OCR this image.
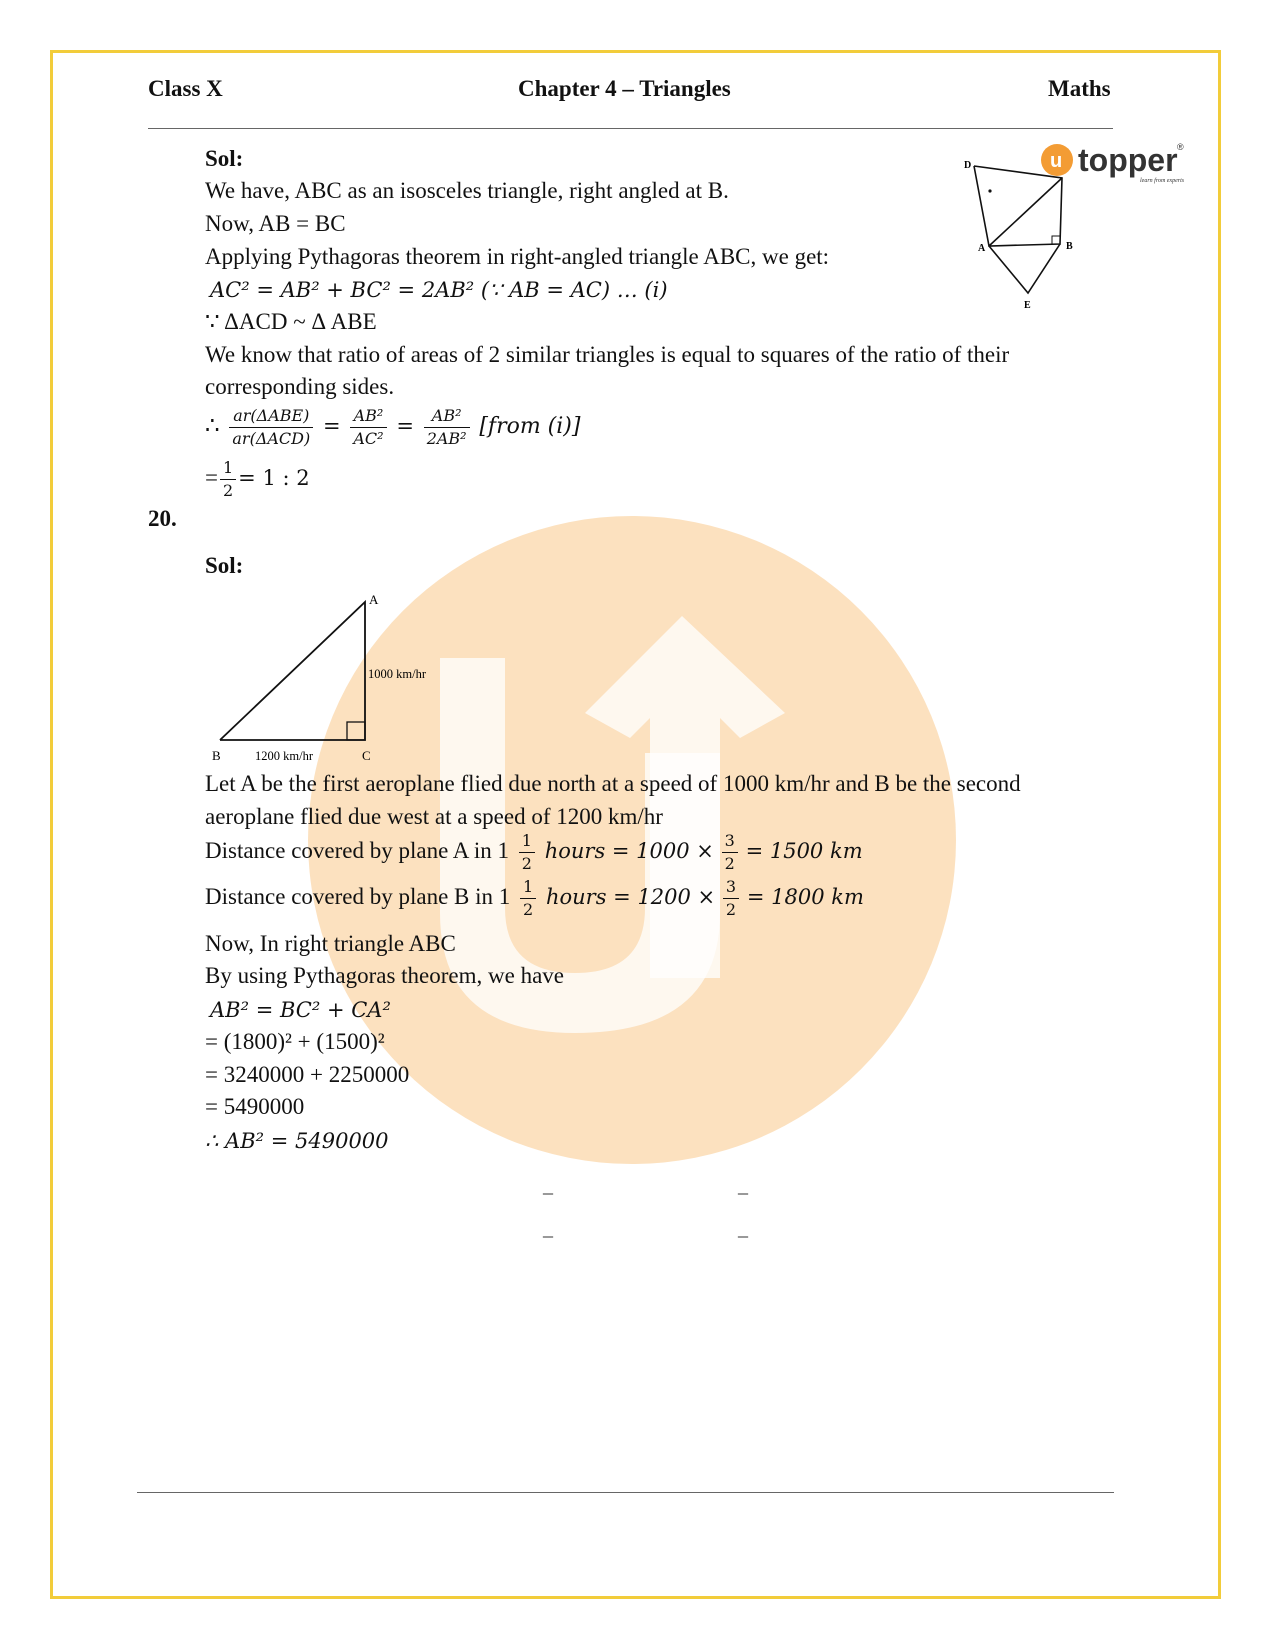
Class X	Chapter 4 – Triangles	Maths
u topper ®
learn from experts
D
A	B
E
Sol:
We have, ABC as an isosceles triangle, right angled at B.
Now, AB = BC
Applying Pythagoras theorem in right-angled triangle ABC, we get:
AC² = AB² + BC² = 2AB² (∵ AB = AC) … (i)
∵ ΔACD ~ Δ ABE
We know that ratio of areas of 2 similar triangles is equal to squares of the ratio of their
corresponding sides.
∴ $\frac{\text{ar(ΔABE)}}{\text{ar(ΔACD)}} = \frac{\text{AB²}}{\text{AC²}} = \frac{\text{AB²}}{\text{2AB²}}$ [from (i)]
= $\frac{1}{2} = 1$ : 2
20.
Sol:
A
B	C
1000 km/hr
1200 km/hr
Let A be the first aeroplane flied due north at a speed of 1000 km/hr and B be the second
aeroplane flied due west at a speed of 1200 km/hr
Distance covered by plane A in $1 \frac{1}{2}$ hours = $1000 \times \frac{3}{2} = 1500$ km
Distance covered by plane B in $1 \frac{1}{2}$ hours = $1200 \times \frac{3}{2} = 1800$ km
Now, In right triangle ABC
By using Pythagoras theorem, we have
AB² = BC² + CA²
= (1800)² + (1500)²
= 3240000 + 2250000
= 5490000
∴ AB² = 5490000
_	_
_	_
